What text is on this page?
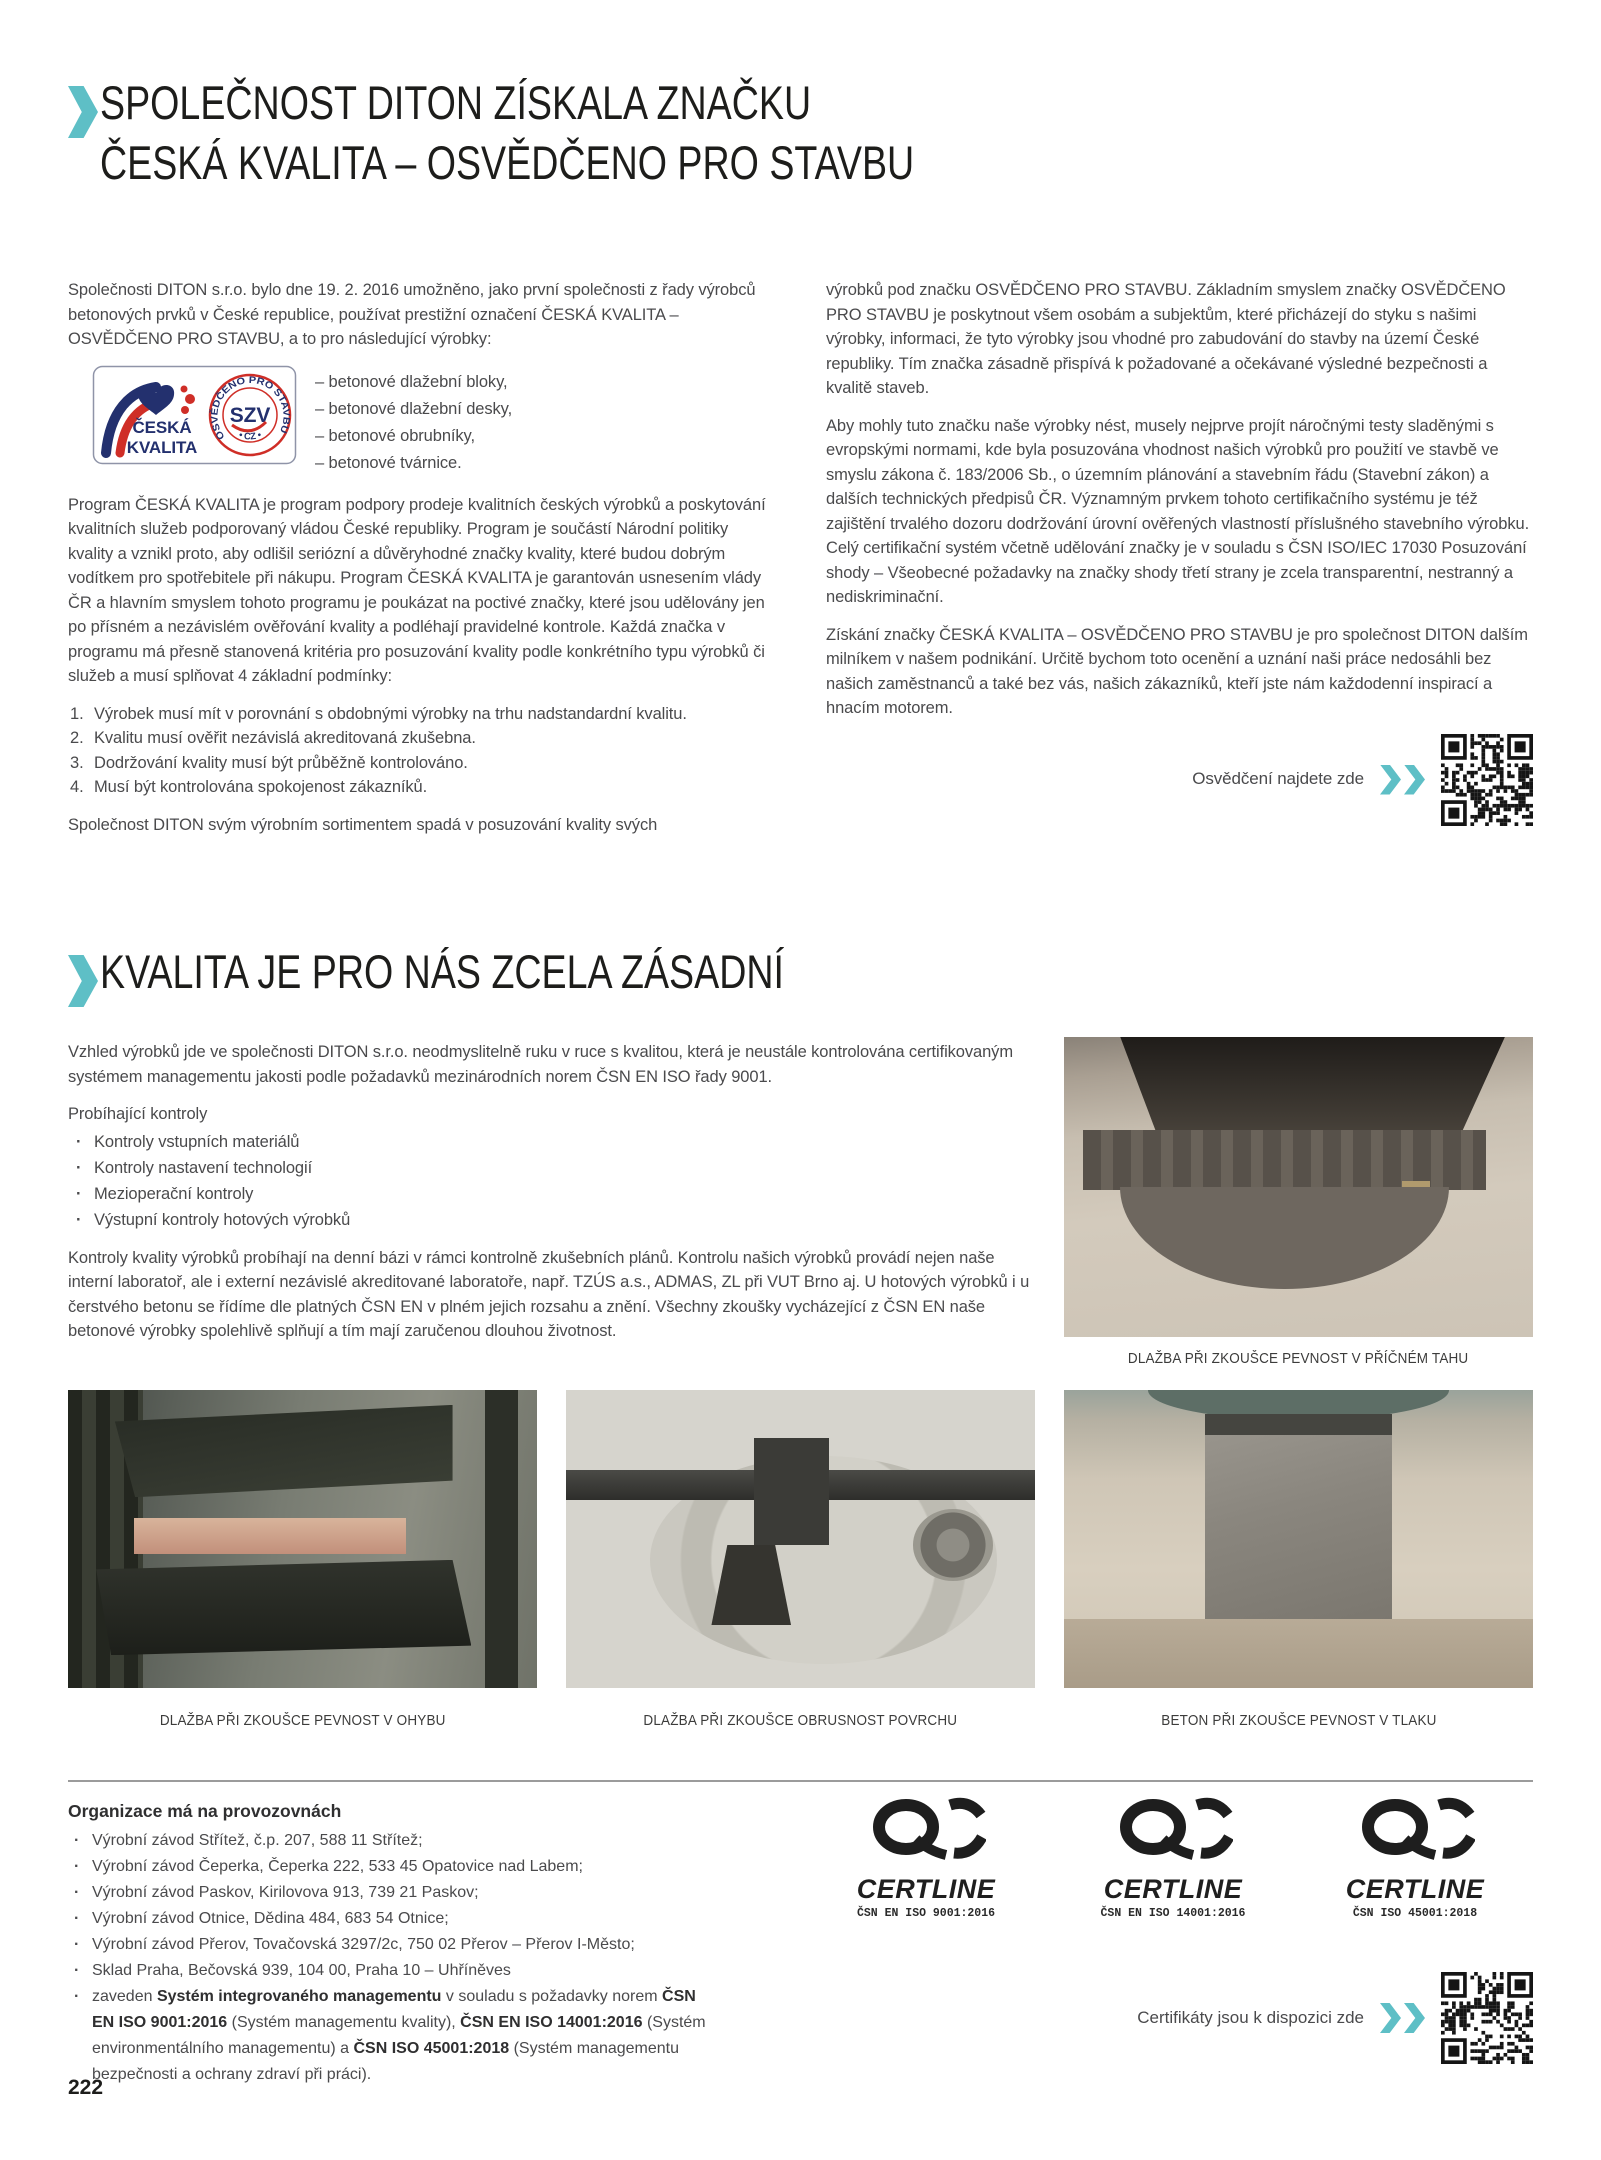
SPOLEČNOST DITON ZÍSKALA ZNAČKU
ČESKÁ KVALITA – OSVĚDČENO PRO STAVBU

Společnosti DITON s.r.o. bylo dne 19. 2. 2016 umožněno, jako první společnosti z řady výrobců betonových prvků v České republice, používat prestižní označení ČESKÁ KVALITA – OSVĚDČENO PRO STAVBU, a to pro následující výrobky:

ČESKÁ
KVALITA
OSVĚDČENO PRO STAVBU
• CZ •
SZV
– betonové dlažební bloky,
– betonové dlažební desky,
– betonové obrubníky,
– betonové tvárnice.

Program ČESKÁ KVALITA je program podpory prodeje kvalitních českých výrobků a poskytování kvalitních služeb podporovaný vládou České republiky. Program je součástí Národní politiky kvality a vznikl proto, aby odlišil seriózní a důvěryhodné značky kvality, které budou dobrým vodítkem pro spotřebitele při nákupu. Program ČESKÁ KVALITA je garantován usnesením vlády ČR a hlavním smyslem tohoto programu je poukázat na poctivé značky, které jsou udělovány jen po přísném a nezávislém ověřování kvality a podléhají pravidelné kontrole. Každá značka v programu má přesně stanovená kritéria pro posuzování kvality podle konkrétního typu výrobků či služeb a musí splňovat 4 základní podmínky:

Výrobek musí mít v porovnání s obdobnými výrobky na trhu nadstandardní kvalitu.
Kvalitu musí ověřit nezávislá akreditovaná zkušebna.
Dodržování kvality musí být průběžně kontrolováno.
Musí být kontrolována spokojenost zákazníků.

Společnost DITON svým výrobním sortimentem spadá v posuzování kvality svých

výrobků pod značku OSVĚDČENO PRO STAVBU. Základním smyslem značky OSVĚDČENO PRO STAVBU je poskytnout všem osobám a subjektům, které přicházejí do styku s našimi výrobky, informaci, že tyto výrobky jsou vhodné pro zabudování do stavby na území České republiky. Tím značka zásadně přispívá k požadované a očekávané výsledné bezpečnosti a kvalitě staveb.

Aby mohly tuto značku naše výrobky nést, musely nejprve projít náročnými testy sladěnými s evropskými normami, kde byla posuzována vhodnost našich výrobků pro použití ve stavbě ve smyslu zákona č. 183/2006 Sb., o územním plánování a stavebním řádu (Stavební zákon) a dalších technických předpisů ČR. Významným prvkem tohoto certifikačního systému je též zajištění trvalého dozoru dodržování úrovní ověřených vlastností příslušného stavebního výrobku. Celý certifikační systém včetně udělování značky je v souladu s ČSN ISO/IEC 17030 Posuzování shody – Všeobecné požadavky na značky shody třetí strany je zcela transparentní, nestranný a nediskriminační.

Získání značky ČESKÁ KVALITA – OSVĚDČENO PRO STAVBU je pro společnost DITON dalším milníkem v našem podnikání. Určitě bychom toto ocenění a uznání naši práce nedosáhli bez našich zaměstnanců a také bez vás, našich zákazníků, kteří jste nám každodenní inspirací a hnacím motorem.

Osvědčení najdete zde
KVALITA JE PRO NÁS ZCELA ZÁSADNÍ

Vzhled výrobků jde ve společnosti DITON s.r.o. neodmyslitelně ruku v ruce s kvalitou, která je neustále kontrolována certifikovaným systémem managementu jakosti podle požadavků mezinárodních norem ČSN EN ISO řady 9001.

Probíhající kontroly
· Kontroly vstupních materiálů
· Kontroly nastavení technologií
· Mezioperační kontroly
· Výstupní kontroly hotových výrobků

Kontroly kvality výrobků probíhají na denní bázi v rámci kontrolně zkušebních plánů. Kontrolu našich výrobků provádí nejen naše interní laboratoř, ale i externí nezávislé akreditované laboratoře, např. TZÚS a.s., ADMAS, ZL při VUT Brno aj. U hotových výrobků i u čerstvého betonu se řídíme dle platných ČSN EN v plném jejich rozsahu a znění. Všechny zkoušky vycházející z ČSN EN naše betonové výrobky spolehlivě splňují a tím mají zaručenou dlouhou životnost.

DLAŽBA PŘI ZKOUŠCE PEVNOST V PŘÍČNÉM TAHU
DLAŽBA PŘI ZKOUŠCE PEVNOST V OHYBU	DLAŽBA PŘI ZKOUŠCE OBRUSNOST POVRCHU	BETON PŘI ZKOUŠCE PEVNOST V TLAKU
Organizace má na provozovnách
· Výrobní závod Střítež, č.p. 207, 588 11 Střítež;
· Výrobní závod Čeperka, Čeperka 222, 533 45 Opatovice nad Labem;
· Výrobní závod Paskov, Kirilovova 913, 739 21 Paskov;
· Výrobní závod Otnice, Dědina 484, 683 54 Otnice;
· Výrobní závod Přerov, Tovačovská 3297/2c, 750 02 Přerov – Přerov I-Město;
· Sklad Praha, Bečovská 939, 104 00, Praha 10 – Uhříněves
· zaveden Systém integrovaného managementu v souladu s požadavky norem ČSN EN ISO 9001:2016 (Systém managementu kvality), ČSN EN ISO 14001:2016 (Systém environmentálního managementu) a ČSN ISO 45001:2018 (Systém managementu bezpečnosti a ochrany zdraví při práci).
CERTLINE
ČSN EN ISO 9001:2016
CERTLINE
ČSN EN ISO 14001:2016
CERTLINE
ČSN ISO 45001:2018
Certifikáty jsou k dispozici zde
222
